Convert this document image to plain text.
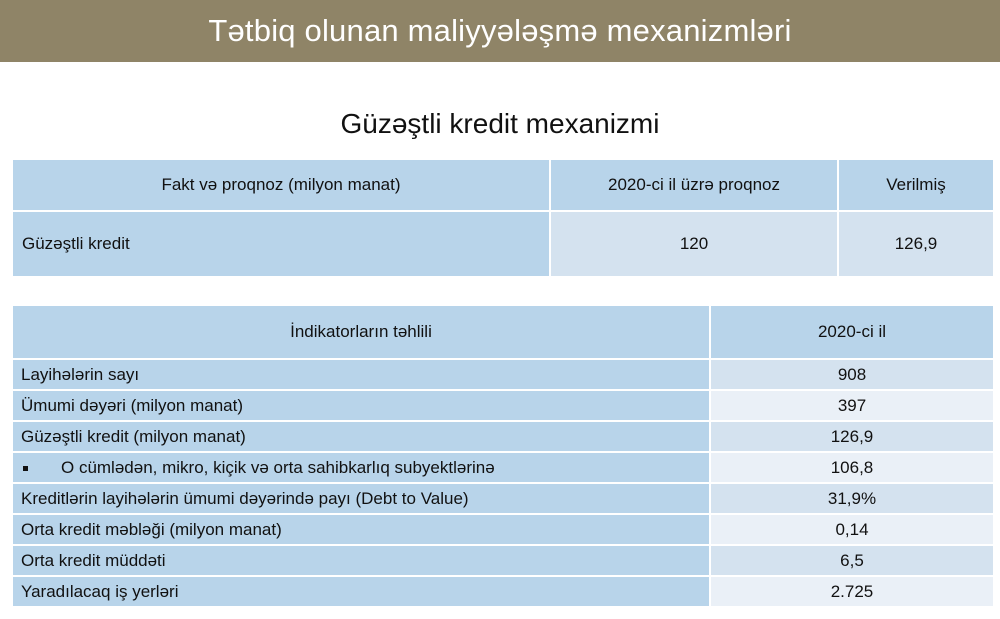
Tətbiq olunan maliyyələşmə mexanizmləri
Güzəştli kredit mexanizmi
Fakt və proqnoz (milyon manat)	2020-ci il üzrə proqnoz	Verilmiş
Güzəştli kredit	120	126,9
İndikatorların təhlili	2020-ci il
Layihələrin sayı	908
Ümumi dəyəri (milyon manat)	397
Güzəştli kredit (milyon manat)	126,9
O cümlədən, mikro, kiçik və orta sahibkarlıq subyektlərinə	106,8
Kreditlərin layihələrin ümumi dəyərində payı (Debt to Value)	31,9%
Orta kredit məbləği (milyon manat)	0,14
Orta kredit müddəti	6,5
Yaradılacaq iş yerləri	2.725
